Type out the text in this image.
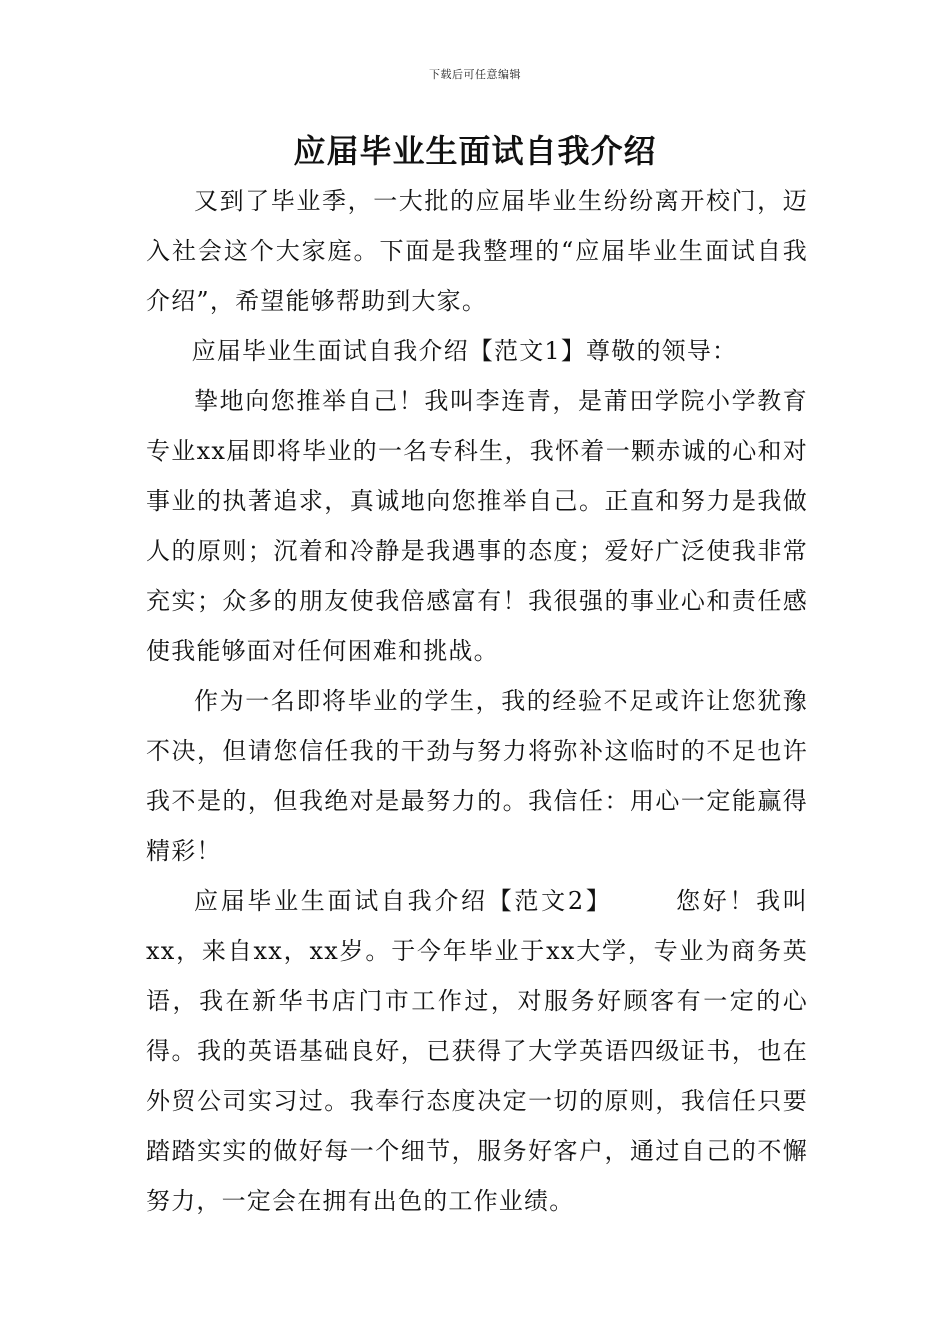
下载后可任意编辑
应届毕业生面试自我介绍

又到了毕业季，一大批的应届毕业生纷纷离开校门，迈入社会这个大家庭。下面是我整理的“应届毕业生面试自我介绍”，希望能够帮助到大家。

应届毕业生面试自我介绍【范文1】尊敬的领导：

挚地向您推举自己！我叫李连青，是莆田学院小学教育专业xx届即将毕业的一名专科生，我怀着一颗赤诚的心和对事业的执著追求，真诚地向您推举自己。正直和努力是我做人的原则；沉着和冷静是我遇事的态度；爱好广泛使我非常充实；众多的朋友使我倍感富有！我很强的事业心和责任感使我能够面对任何困难和挑战。

作为一名即将毕业的学生，我的经验不足或许让您犹豫不决，但请您信任我的干劲与努力将弥补这临时的不足也许我不是的，但我绝对是最努力的。我信任：用心一定能赢得精彩！

应届毕业生面试自我介绍【范文2】	您好！我叫xx，来自xx，xx岁。于今年毕业于xx大学，专业为商务英语，我在新华书店门市工作过，对服务好顾客有一定的心得。我的英语基础良好，已获得了大学英语四级证书，也在外贸公司实习过。我奉行态度决定一切的原则，我信任只要踏踏实实的做好每一个细节，服务好客户，通过自己的不懈努力，一定会在拥有出色的工作业绩。
